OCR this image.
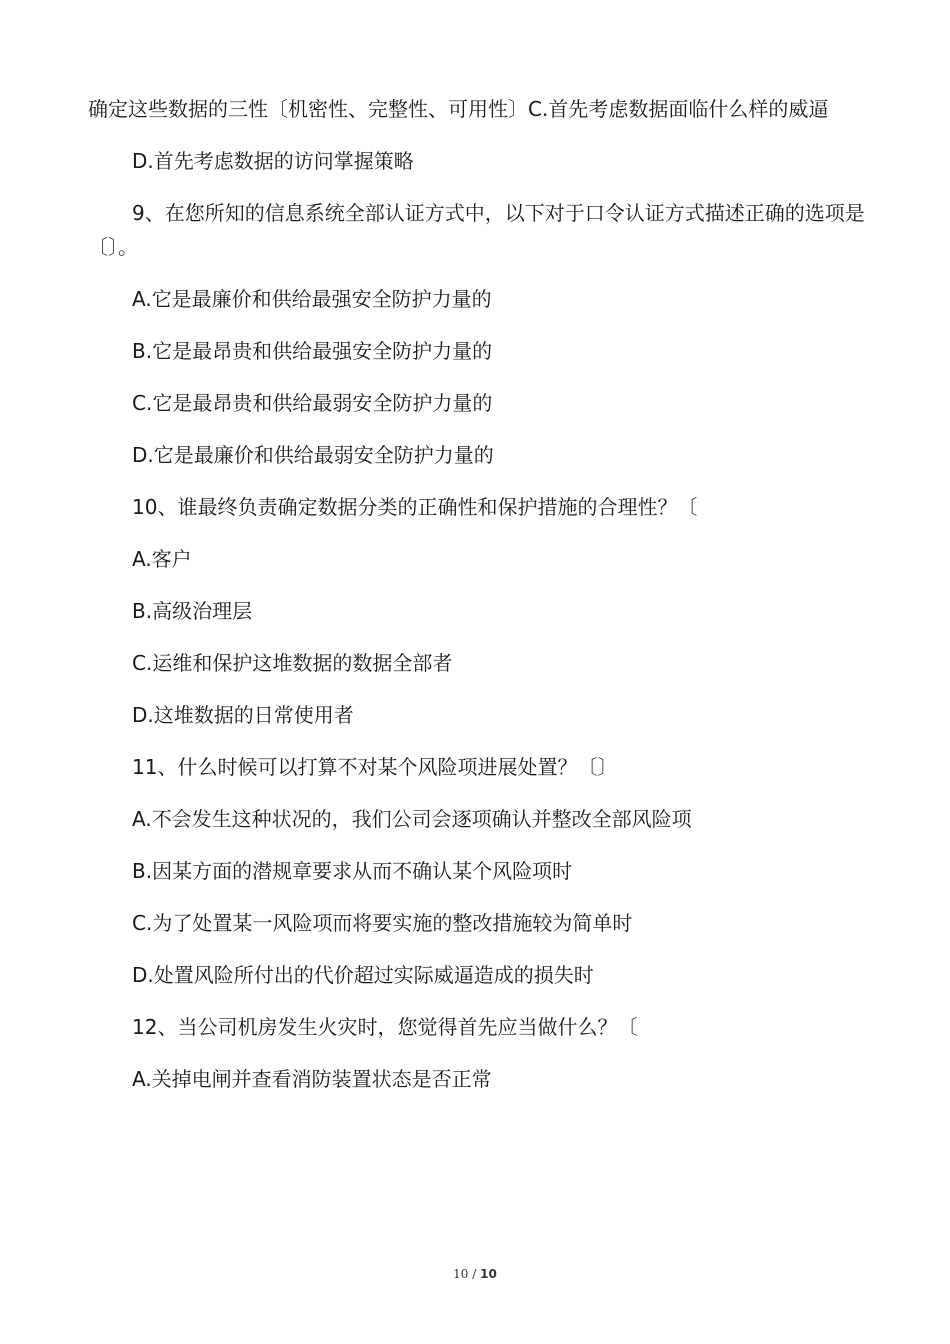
确定这些数据的三性〔机密性、完整性、可用性〕C.首先考虑数据面临什么样的威逼

D.首先考虑数据的访问掌握策略

9、在您所知的信息系统全部认证方式中，以下对于口令认证方式描述正确的选项是〔〕。

A.它是最廉价和供给最强安全防护力量的

B.它是最昂贵和供给最强安全防护力量的

C.它是最昂贵和供给最弱安全防护力量的

D.它是最廉价和供给最弱安全防护力量的

10、谁最终负责确定数据分类的正确性和保护措施的合理性？〔

A.客户

B.高级治理层

C.运维和保护这堆数据的数据全部者

D.这堆数据的日常使用者

11、什么时候可以打算不对某个风险项进展处置？〔〕

A.不会发生这种状况的，我们公司会逐项确认并整改全部风险项

B.因某方面的潜规章要求从而不确认某个风险项时

C.为了处置某一风险项而将要实施的整改措施较为简单时

D.处置风险所付出的代价超过实际威逼造成的损失时

12、当公司机房发生火灾时，您觉得首先应当做什么？〔

A.关掉电闸并查看消防装置状态是否正常

10 / 10
